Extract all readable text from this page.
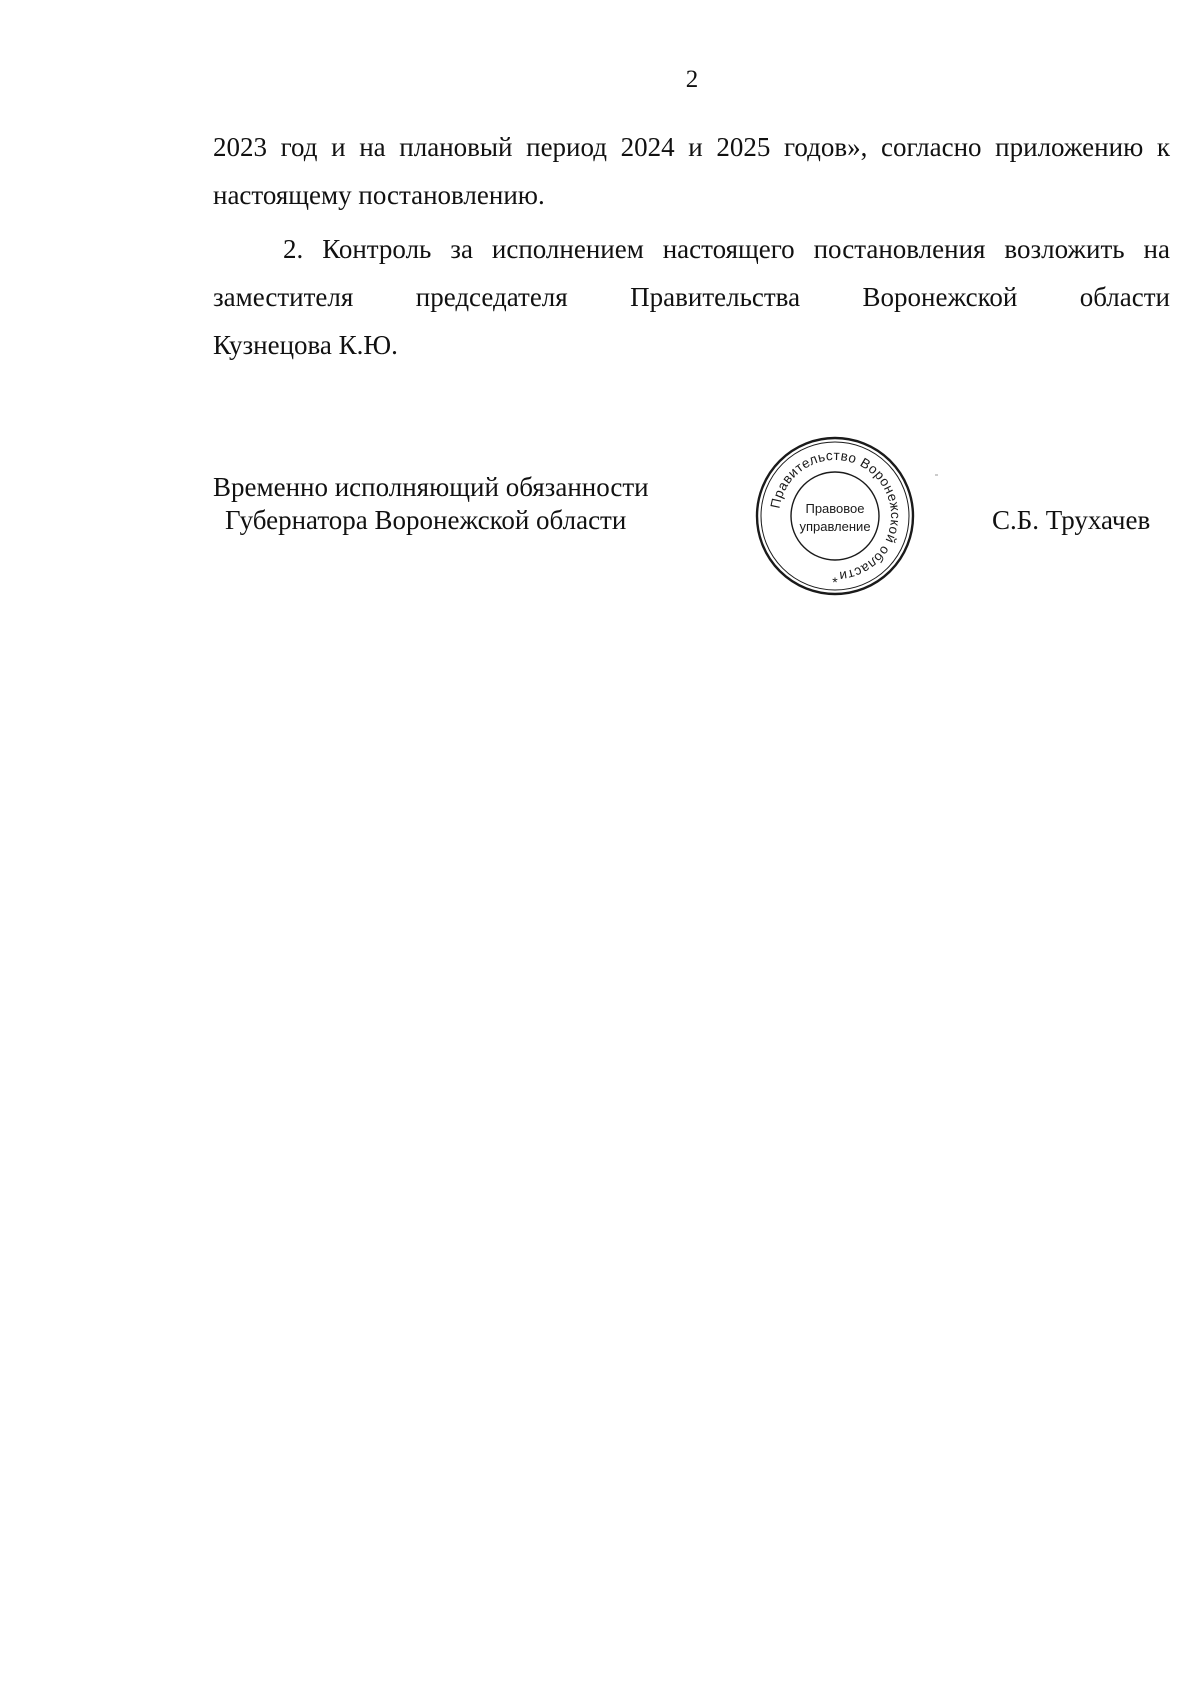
2
2023 год и на плановый период 2024 и 2025 годов», согласно приложению к
настоящему постановлению.
2. Контроль за исполнением настоящего постановления возложить на
заместителя председателя Правительства Воронежской области
Кузнецова К.Ю.
Временно исполняющий обязанности
Губернатора Воронежской области
Правительство Воронежской области
Правовое
управление
*
С.Б. Трухачев
